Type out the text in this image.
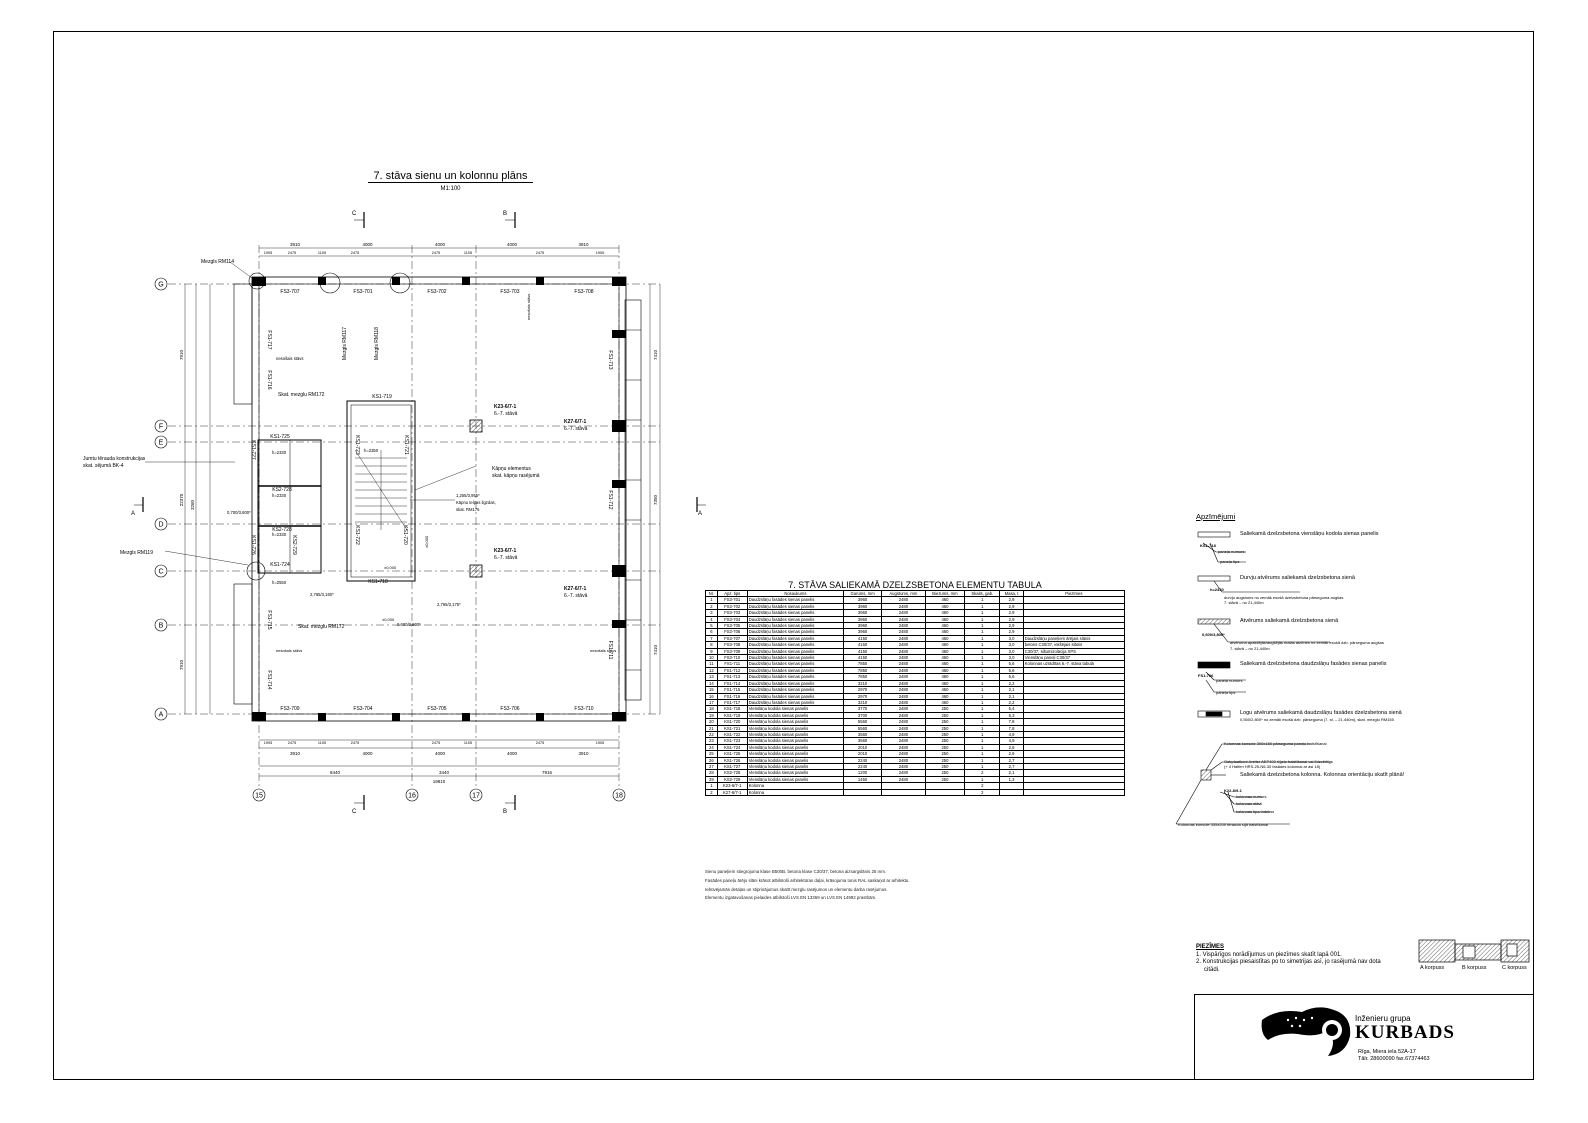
7. stāva sienu un kolonnu plāns
M1:100
G
F
E
D
C
B
A
15	16	17	18
C	B
C	B
A	A
3910
3910
4000
4000
4000
4000
4000
4000
3910
3910
1905
1905
2475
2475
1105
1105
2475
2475
2475
2475
1105
1105
2475
2475
1905
1905
8440	3440	7916
19810
7910
3260
22370
7910
7410
7350
7410
FS3-707	FS3-701	FS3-702	FS3-703	FS3-708
FS3-709	FS3-704	FS3-705	FS3-706	FS3-710
FS1-717
FS1-716
FS1-715
FS1-714
FS1-713
FS1-712
FS1-711
KS1-719
KS1-725	KS1-723	KS1-721
KS2-728
KS2-728
KS1-727
KS1-726
KS1-724
KS2-729
KS1-722	KS1-720
KS1-718
K23-6/7-1
6.-7. stāvā
K23-6/7-1
6.-7. stāvā
K27-6/7-1
6.-7. stāvā
K27-6/7-1
6.-7. stāvā
Mezgls RM114
Mezgls RM117	Mezgls RM118
Mezgls RM119
Skat. mezglu RM172
Skat. mezglu RM172
Jumtu tērauda konstrukcijas
skat. sējumā BK-4	Kāpņu elementus
skat. kāpņu rasējumā
1,255/3,955*
Kāpnu telpas ligzdas,
skat. RM175
h=2350
h=2330
h=2330
h=2330
h=2550
0,700/3,600*
0,600/3,800*
2,765/3,175*
2,765/3,160*
nesošais stāvs
nesošais stāvs	nesošais stāvs
nesošais stāvs
±0,000
±0,000
±0,000
7. STĀVA SALIEKAMĀ DZELZSBETONA ELEMENTU TABULA
Nr.	Apz. tips	Nosaukums	Garums, mm	Augstums, mm	Biezums, mm	Skaits, gab.	Masa, t	Piezīmes
1	FS3-701	Daudzslāņu fasādes sienas panelis	3960	2480	460	1	2,9	
2	FS3-702	Daudzslāņu fasādes sienas panelis	3960	2480	460	1	2,9	
3	FS3-703	Daudzslāņu fasādes sienas panelis	3960	2480	460	1	2,9	
4	FS3-704	Daudzslāņu fasādes sienas panelis	3960	2480	460	1	2,9	
5	FS3-705	Daudzslāņu fasādes sienas panelis	3960	2480	460	1	2,9	
6	FS3-706	Daudzslāņu fasādes sienas panelis	3960	2480	460	1	2,9	
7	FS3-707	Daudzslāņu fasādes sienas panelis	4150	2480	460	1	3,0	Daudzslāņu paneļiem ārējais slānis
8	FS3-708	Daudzslāņu fasādes sienas panelis	4150	2480	460	1	3,0	betons C30/37, iekšējais slānis
9	FS3-709	Daudzslāņu fasādes sienas panelis	4150	2480	460	1	3,0	C30/37, siltumizolācija XPS
10	FS3-710	Daudzslāņu fasādes sienas panelis	4150	2480	460	1	3,0	Vienslāņu paneļi C30/37
11	FS1-711	Daudzslāņu fasādes sienas panelis	7850	2480	460	1	5,6	Kolonnas uzrādītas 6.-7. stāva tabulā
12	FS1-712	Daudzslāņu fasādes sienas panelis	7850	2480	460	1	5,6	
13	FS1-713	Daudzslāņu fasādes sienas panelis	7850	2480	460	1	5,6	
14	FS1-714	Daudzslāņu fasādes sienas panelis	3210	2480	460	1	2,2	
15	FS1-715	Daudzslāņu fasādes sienas panelis	2970	2480	460	1	2,1	
16	FS1-716	Daudzslāņu fasādes sienas panelis	2970	2480	460	1	2,1	
17	FS1-717	Daudzslāņu fasādes sienas panelis	3210	2480	460	1	2,2	
18	KS1-718	Vienslāņu kodola sienas panelis	3770	2480	250	1	5,4	
19	KS1-719	Vienslāņu kodola sienas panelis	3700	2480	250	1	5,3	
20	KS1-720	Vienslāņu kodola sienas panelis	5560	2480	250	1	7,8	
21	KS1-721	Vienslāņu kodola sienas panelis	5560	2480	250	1	7,8	
22	KS1-722	Vienslāņu kodola sienas panelis	3560	2480	250	1	4,9	
23	KS1-723	Vienslāņu kodola sienas panelis	3560	2480	250	1	4,9	
24	KS1-724	Vienslāņu kodola sienas panelis	2010	2480	250	1	2,6	
25	KS1-725	Vienslāņu kodola sienas panelis	2010	2480	250	1	2,6	
26	KS1-726	Vienslāņu kodola sienas panelis	2240	2480	250	1	2,7	
27	KS1-727	Vienslāņu kodola sienas panelis	2240	2480	250	1	2,7	
28	KS2-728	Vienslāņu kodola sienas panelis	1200	2480	250	2	2,1	
29	KS2-729	Vienslāņu kodola sienas panelis	1450	2480	250	1	1,3	
1	K23-6/7-1	Kolonna				2		
2	K27-6/7-1	Kolonna				2		
Sienu paneļiem stiegrojuma klase B500B, betona klase C30/37, betona aizsargslānis 25 mm.
Fasādes paneļu ārējo slāni krāsot atbilstoši arhitektūras daļai, krāsojuma tonis RAL saskaņot ar arhitektu.
Iebūvējamās detaļas un stiprinājumus skatīt mezglu rasējumos un elementu darba rasējumos.
Elementu izgatavošanas pielaides atbilstoši LVS EN 13369 un LVS EN 14992 prasībām.
Apzīmējumi
Saliekamā dzelzsbetona vienslāņu kodola sienas panelis
KS1-718
paneļa numurs
paneļa tips
Durvju atvērums saliekamā dzelzsbetona sienā
h=2330
durvju augstums no zemāk esošā dzelzsbetona pārseguma augšas
7. stāvā – no 21,440m
Atvērums saliekamā dzelzsbetona sienā
0,600/3,800*
atvēruma apakšējās/augšējās malas atzīmes no zemāk esošā dzb. pārseguma augšas
7. stāvā – no 21,440m
Saliekamā dzelzsbetona daudzslāņu fasādes sienas panelis
FS1-706
paneļa numurs
paneļa tips
Logu atvērums saliekamā daudzslāņu fasādes dzelzsbetona sienā
0,550/2,800* no zemāk esošā dzb. pārseguma (7. st. – 21,440m), skat. mezglu RM155
Saliekamā dzelzsbetona kolonna. Kolonnas orientāciju skatīt plānā!
K22-8/9-1
Kolonnas konsole 300x150 pārseguma paneļu balstīšanai
Ostrplaatkoni Areiter AEP400 rīģeļu balstīšanai vai līdzvērtīgs
(+ 4 Halfen HRS-25-N6-30 fasādes kolonnai ar asi 18)
kolonnas numurs
kolonnas stāvi
kolonnas tipa indekss
Kolonnas konsole 335x200 tērauda sijā balstīšanai
PIEZĪMES
1. Vispārīgos norādījumus un piezīmes skatīt lapā 001.
2. Konstrukcijas piesaistītas po to simetrijas asī, jo rasējumā nav dota
citādi.	A korpuss	B korpuss	C korpuss
Inženieru grupa
KURBADS
Rīga, Miera iela 52A-17
Tālr. 28600090 fax.67374463
